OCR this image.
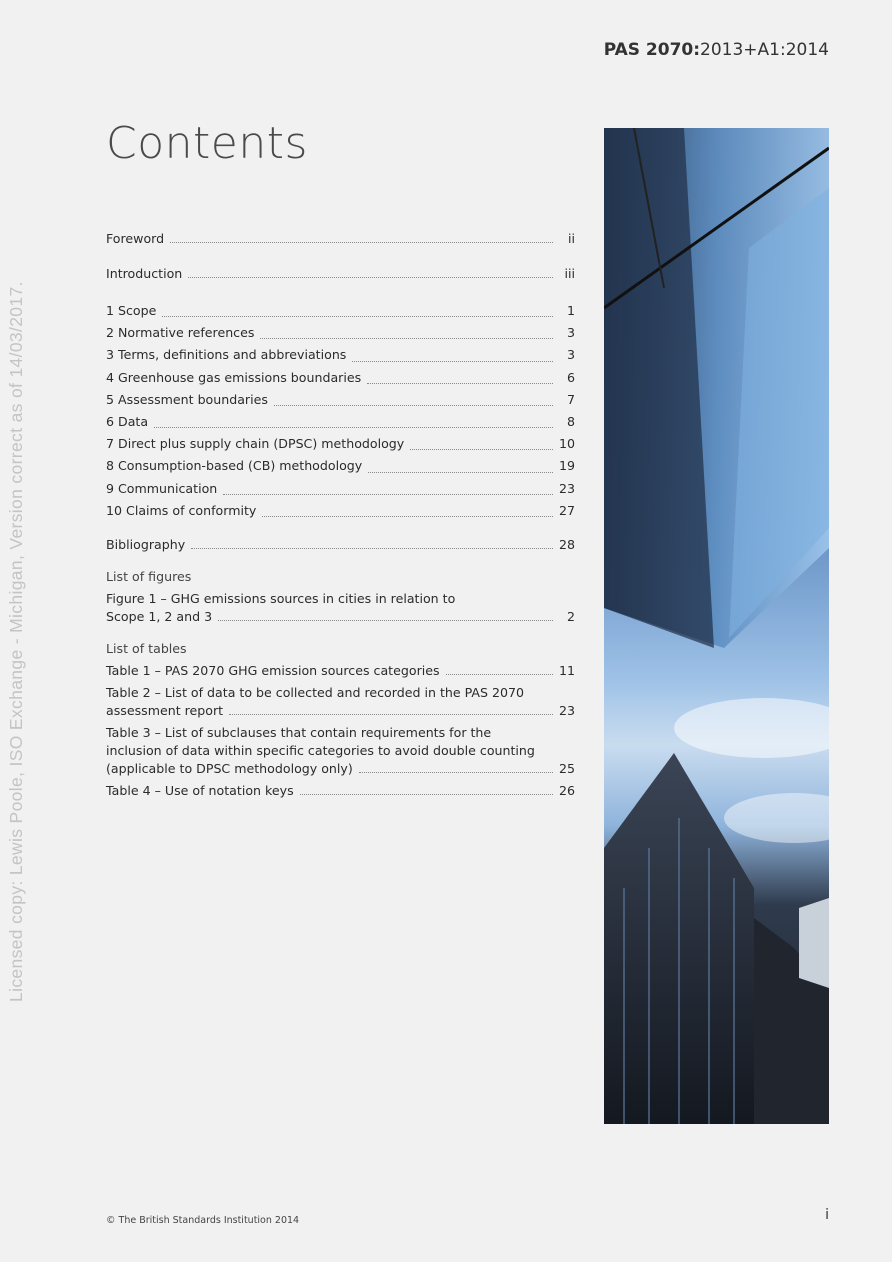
PAS 2070:2013+A1:2014
Contents
Licensed copy: Lewis Poole, ISO Exchange - Michigan, Version correct as of 14/03/2017.
Foreword	ii
Introduction	iii
1 Scope	1
2 Normative references	3
3 Terms, definitions and abbreviations	3
4 Greenhouse gas emissions boundaries	6
5 Assessment boundaries	7
6 Data	8
7 Direct plus supply chain (DPSC) methodology	10
8 Consumption-based (CB) methodology	19
9 Communication	23
10 Claims of conformity	27
Bibliography	28
List of figures
Figure 1 – GHG emissions sources in cities in relation to
Scope 1, 2 and 3	2
List of tables
Table 1 – PAS 2070 GHG emission sources categories	11
Table 2 – List of data to be collected and recorded in the PAS 2070
assessment report	23
Table 3 – List of subclauses that contain requirements for the
inclusion of data within specific categories to avoid double counting
(applicable to DPSC methodology only)	25
Table 4 – Use of notation keys	26
© The British Standards Institution 2014	i
